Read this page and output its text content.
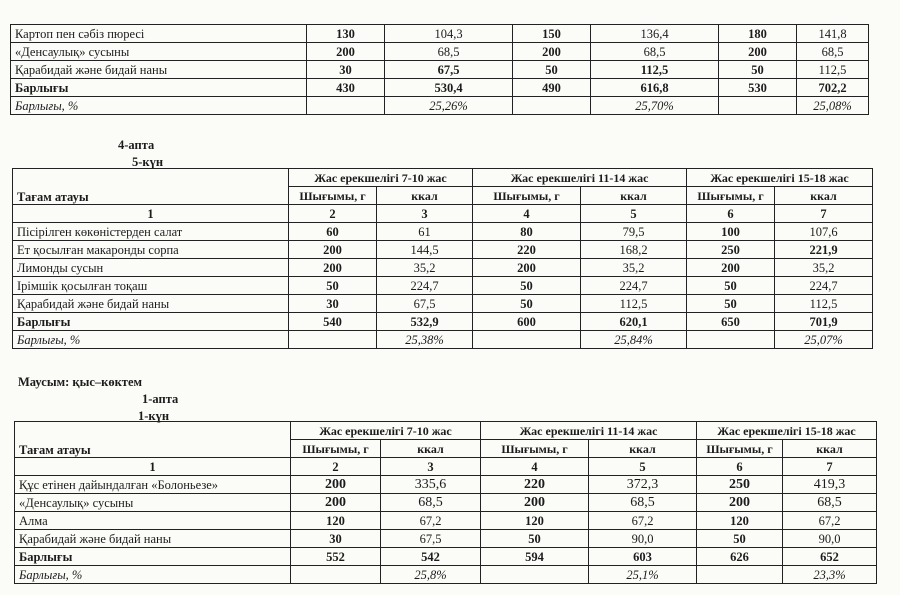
Картоп пен сәбіз пюресі	130	104,3	150	136,4	180	141,8
«Денсаулық» сусыны	200	68,5	200	68,5	200	68,5
Қарабидай және бидай наны	30	67,5	50	112,5	50	112,5
Барлығы	430	530,4	490	616,8	530	702,2
Барлығы, %		25,26%		25,70%		25,08%
4-апта
5-күн
Тағам атауы	Жас ерекшелігі 7-10 жас		Жас ерекшелігі 11-14 жас		Жас ерекшелігі 15-18 жас	
	Шығымы, г	ккал	Шығымы, г	ккал	Шығымы, г	ккал
1	2	3	4	5	6	7
Пісірілген көкөністерден салат	60	61	80	79,5	100	107,6
Ет қосылған макаронды сорпа	200	144,5	220	168,2	250	221,9
Лимонды сусын	200	35,2	200	35,2	200	35,2
Ірімшік қосылған тоқаш	50	224,7	50	224,7	50	224,7
Қарабидай және бидай наны	30	67,5	50	112,5	50	112,5
Барлығы	540	532,9	600	620,1	650	701,9
Барлығы, %		25,38%		25,84%		25,07%
Маусым: қыс–көктем
1-апта
1-күн
Тағам атауы	Жас ерекшелігі 7-10 жас		Жас ерекшелігі 11-14 жас		Жас ерекшелігі 15-18 жас	
	Шығымы, г	ккал	Шығымы, г	ккал	Шығымы, г	ккал
1	2	3	4	5	6	7
Құс етінен дайындалған «Болоньезе»	200	335,6	220	372,3	250	419,3
«Денсаулық» сусыны	200	68,5	200	68,5	200	68,5
Алма	120	67,2	120	67,2	120	67,2
Қарабидай және бидай наны	30	67,5	50	90,0	50	90,0
Барлығы	552	542	594	603	626	652
Барлығы, %		25,8%		25,1%		23,3%
